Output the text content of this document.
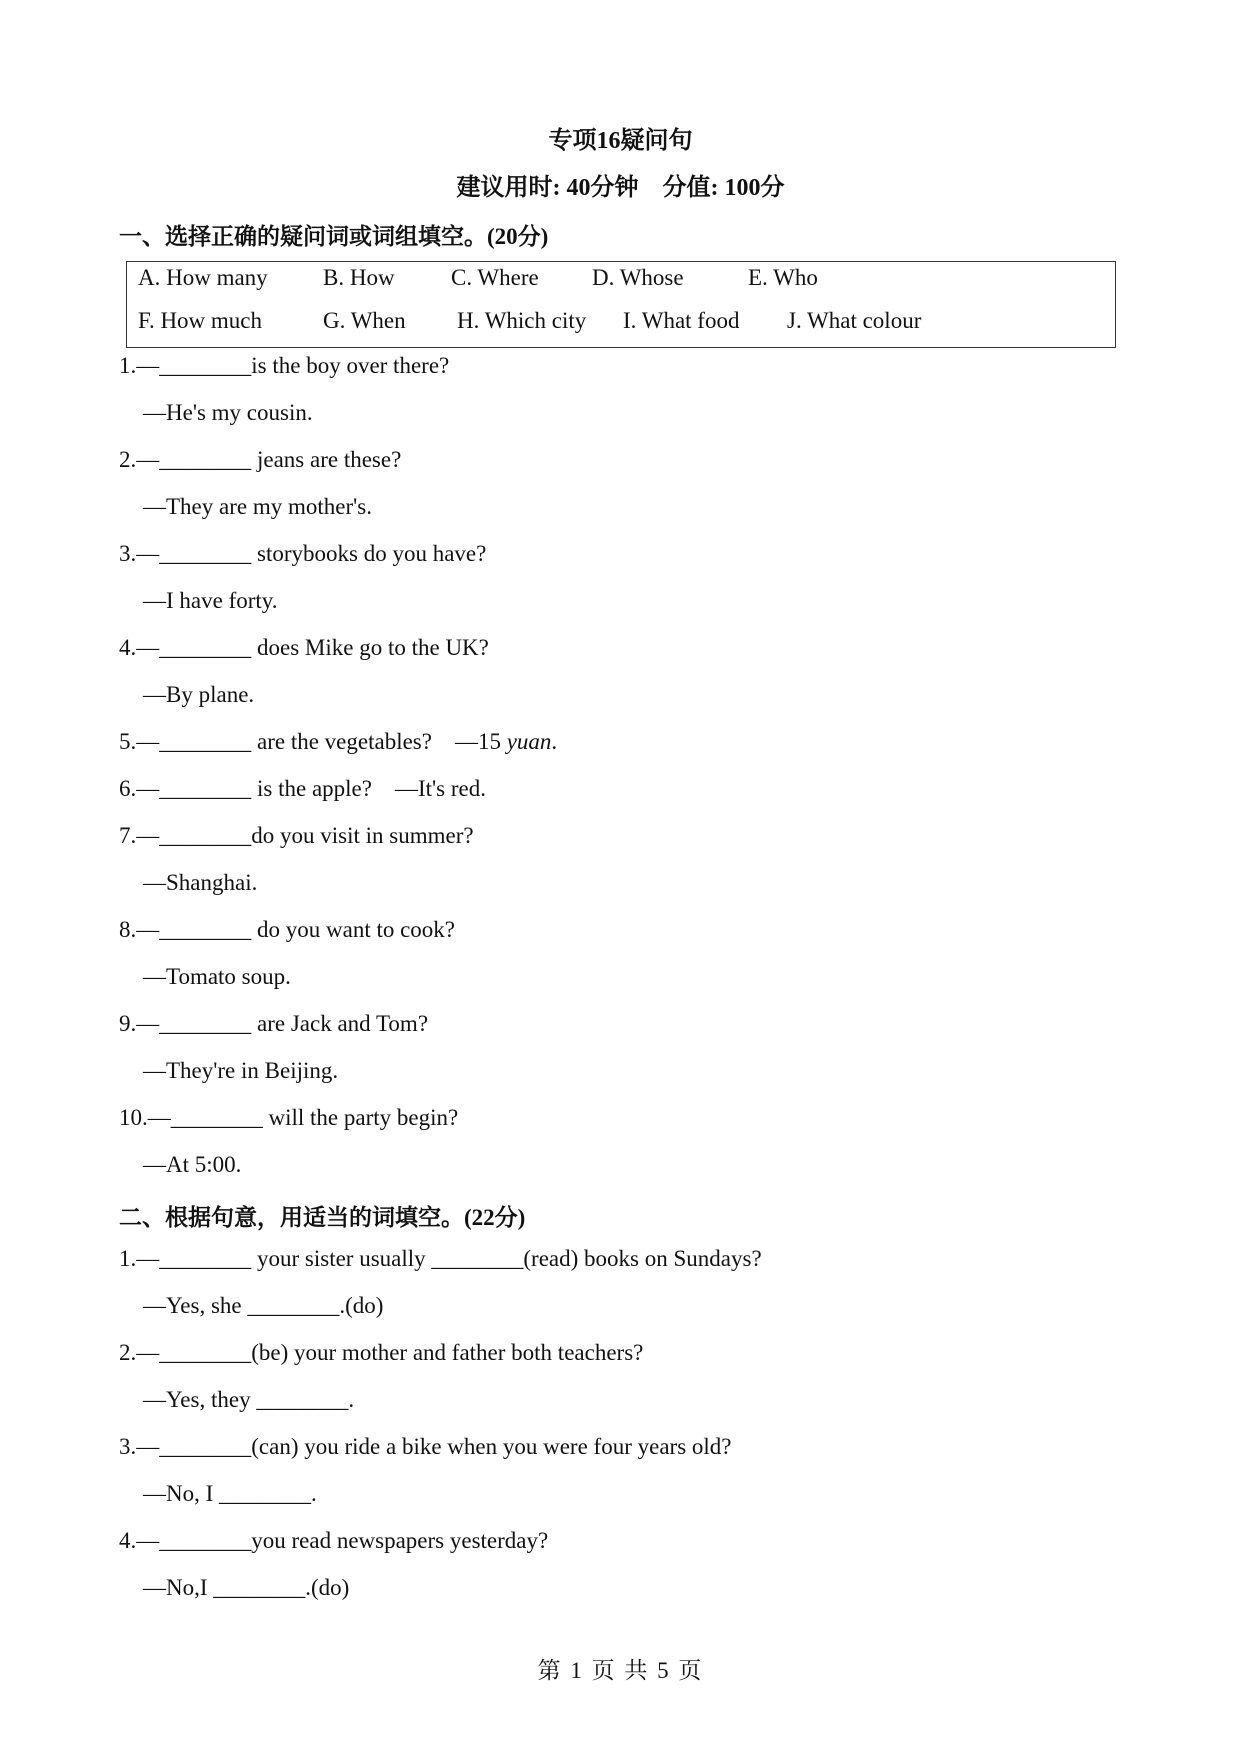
专项16疑问句
建议用时: 40分钟    分值: 100分
一、选择正确的疑问词或词组填空。(20分)
A. How many B. How C. Where D. Whose	E. Who
F. How much	G. When H. Which city I. What food J. What colour
1.—________is the boy over there?
—He's my cousin.
2.—________ jeans are these?
—They are my mother's.
3.—________ storybooks do you have?
—I have forty.
4.—________ does Mike go to the UK?
—By plane.
5.—________ are the vegetables?    —15 yuan.
6.—________ is the apple?    —It's red.
7.—________do you visit in summer?
—Shanghai.
8.—________ do you want to cook?
—Tomato soup.
9.—________ are Jack and Tom?
—They're in Beijing.
10.—________ will the party begin?
—At 5:00.
二、根据句意，用适当的词填空。(22分)
1.—________ your sister usually ________(read) books on Sundays?
—Yes, she ________.(do)
2.—________(be) your mother and father both teachers?
—Yes, they ________.
3.—________(can) you ride a bike when you were four years old?
—No, I ________.
4.—________you read newspapers yesterday?
—No,I ________.(do)
第 1 页 共 5 页
